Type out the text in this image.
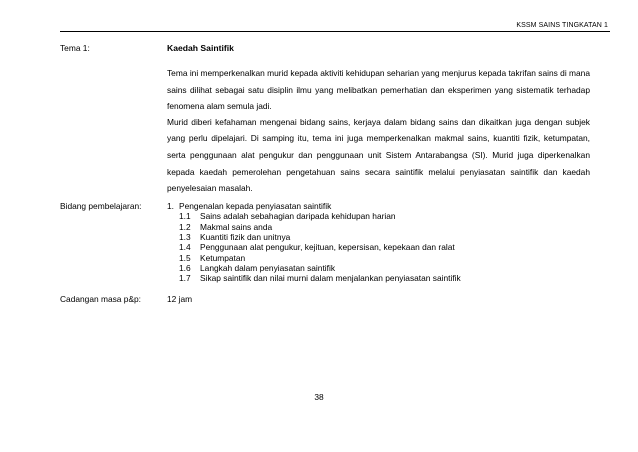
KSSM SAINS TINGKATAN 1
Tema 1:	Kaedah Saintifik
Tema ini memperkenalkan murid kepada aktiviti kehidupan seharian yang menjurus kepada takrifan sains di mana sains dilihat sebagai satu disiplin ilmu yang melibatkan pemerhatian dan eksperimen yang sistematik terhadap fenomena alam semula jadi.
Murid diberi kefahaman mengenai bidang sains, kerjaya dalam bidang sains dan dikaitkan juga dengan subjek yang perlu dipelajari. Di samping itu, tema ini juga memperkenalkan makmal sains, kuantiti fizik, ketumpatan, serta penggunaan alat pengukur dan penggunaan unit Sistem Antarabangsa (SI). Murid juga diperkenalkan kepada kaedah pemerolehan pengetahuan sains secara saintifik melalui penyiasatan saintifik dan kaedah penyelesaian masalah.
Bidang pembelajaran:	1. Pengenalan kepada penyiasatan saintifik
1.1 Sains adalah sebahagian daripada kehidupan harian
1.2 Makmal sains anda
1.3 Kuantiti fizik dan unitnya
1.4 Penggunaan alat pengukur, kejituan, kepersisan, kepekaan dan ralat
1.5 Ketumpatan
1.6 Langkah dalam penyiasatan saintifik
1.7 Sikap saintifik dan nilai murni dalam menjalankan penyiasatan saintifik
Cadangan masa p&p:	12 jam
38
